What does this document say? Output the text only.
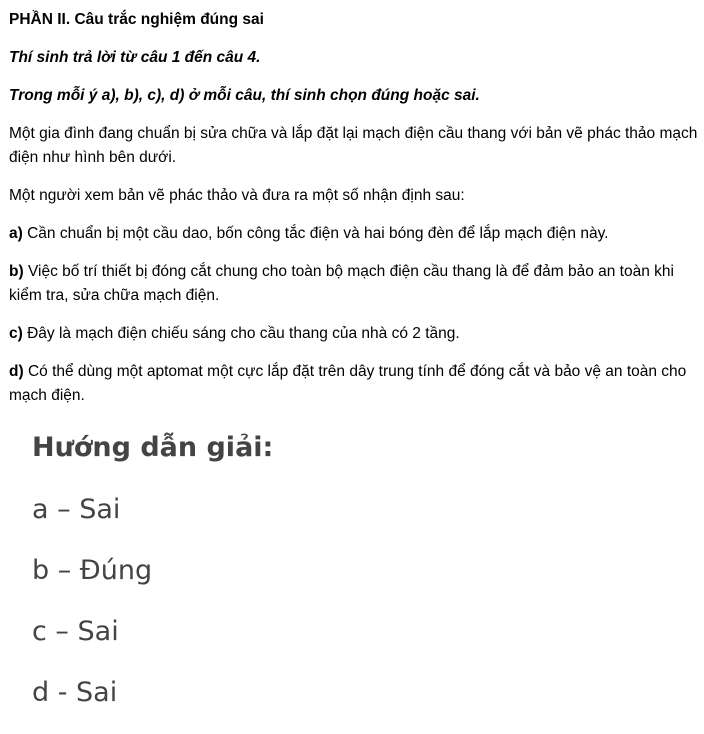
PHẦN II. Câu trắc nghiệm đúng sai

Thí sinh trả lời từ câu 1 đến câu 4.

Trong mỗi ý a), b), c), d) ở mỗi câu, thí sinh chọn đúng hoặc sai.

Một gia đình đang chuẩn bị sửa chữa và lắp đặt lại mạch điện cầu thang với bản vẽ phác thảo mạch điện như hình bên dưới.

Một người xem bản vẽ phác thảo và đưa ra một số nhận định sau:

a) Cần chuẩn bị một cầu dao, bốn công tắc điện và hai bóng đèn để lắp mạch điện này.

b) Việc bố trí thiết bị đóng cắt chung cho toàn bộ mạch điện cầu thang là để đảm bảo an toàn khi kiểm tra, sửa chữa mạch điện.

c) Đây là mạch điện chiếu sáng cho cầu thang của nhà có 2 tầng.

d) Có thể dùng một aptomat một cực lắp đặt trên dây trung tính để đóng cắt và bảo vệ an toàn cho mạch điện.

Hướng dẫn giải:
a – Sai
b – Đúng
c – Sai
d - Sai
